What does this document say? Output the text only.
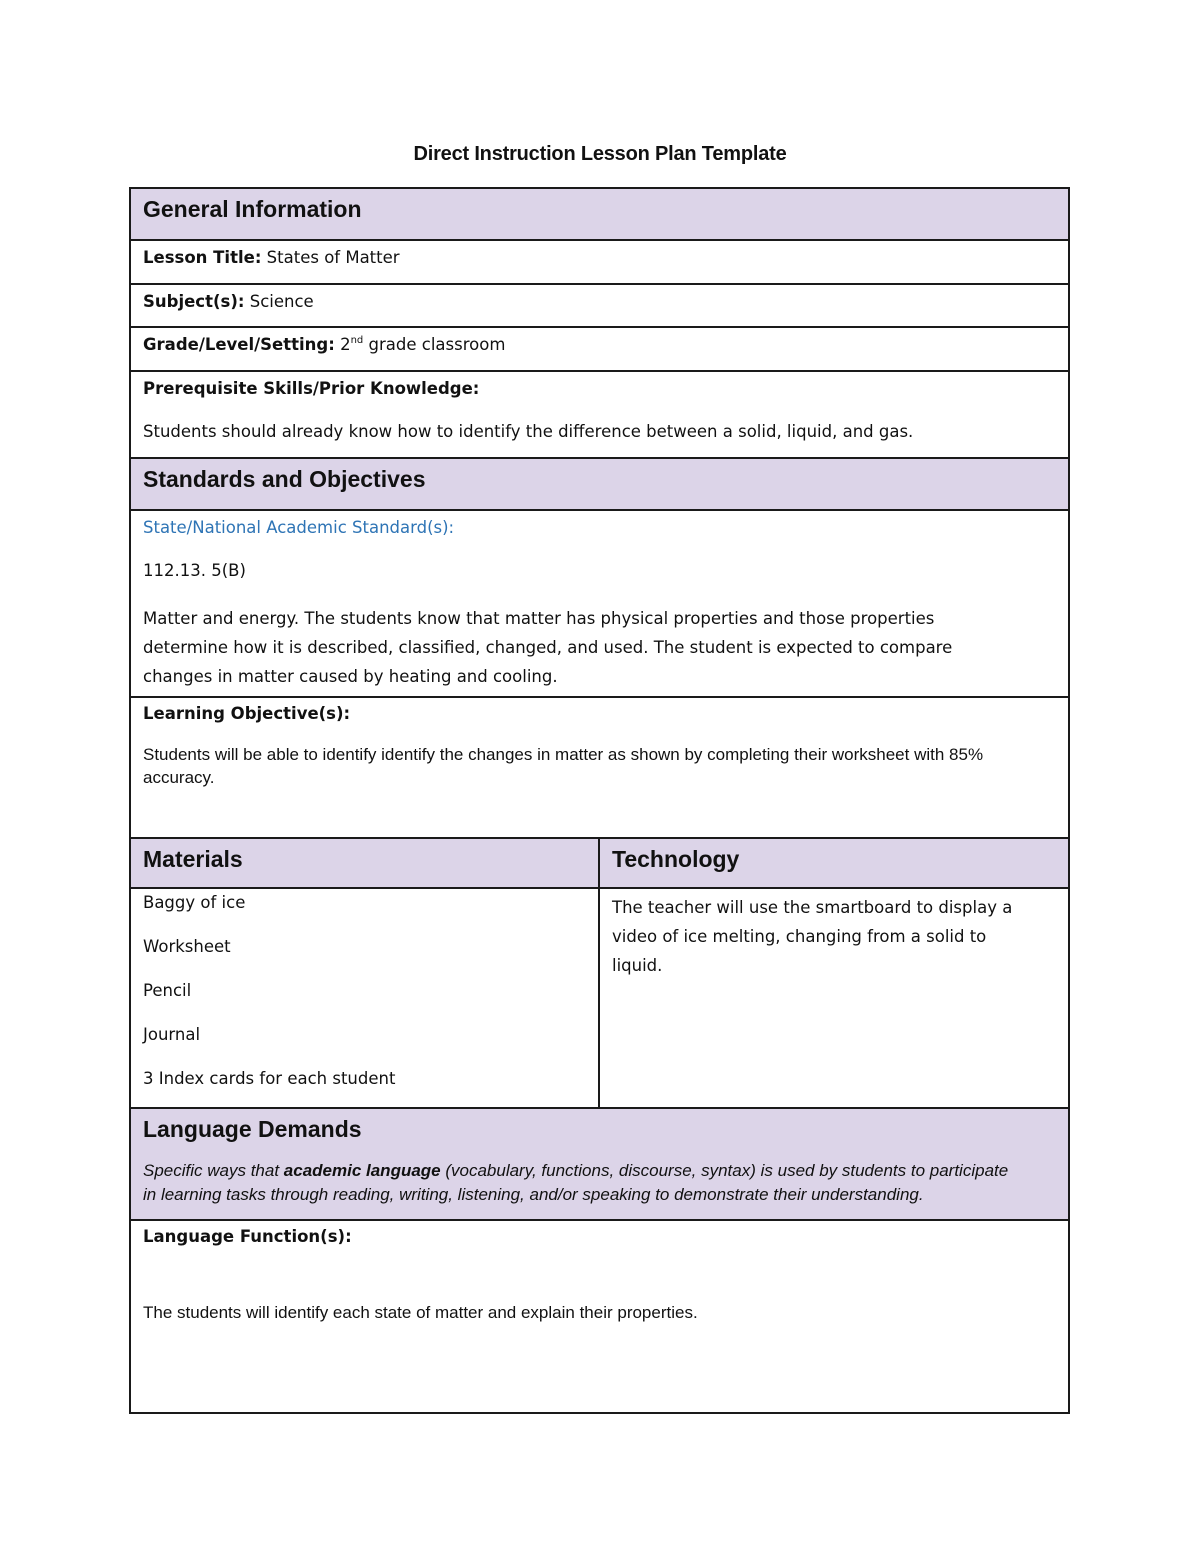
Direct Instruction Lesson Plan Template
General Information
Lesson Title: States of Matter
Subject(s): Science
Grade/Level/Setting: 2nd grade classroom
Prerequisite Skills/Prior Knowledge:
Students should already know how to identify the difference between a solid, liquid, and gas.
Standards and Objectives
State/National Academic Standard(s):
112.13. 5(B)
Matter and energy. The students know that matter has physical properties and those properties
determine how it is described, classified, changed, and used. The student is expected to compare
changes in matter caused by heating and cooling.
Learning Objective(s):
Students will be able to identify identify the changes in matter as shown by completing their worksheet with 85%
accuracy.
Materials	Technology
Baggy of ice
Worksheet
Pencil
Journal
3 Index cards for each student
The teacher will use the smartboard to display a
video of ice melting, changing from a solid to
liquid.
Language Demands
Specific ways that academic language (vocabulary, functions, discourse, syntax) is used by students to participate
in learning tasks through reading, writing, listening, and/or speaking to demonstrate their understanding.
Language Function(s):
The students will identify each state of matter and explain their properties.
